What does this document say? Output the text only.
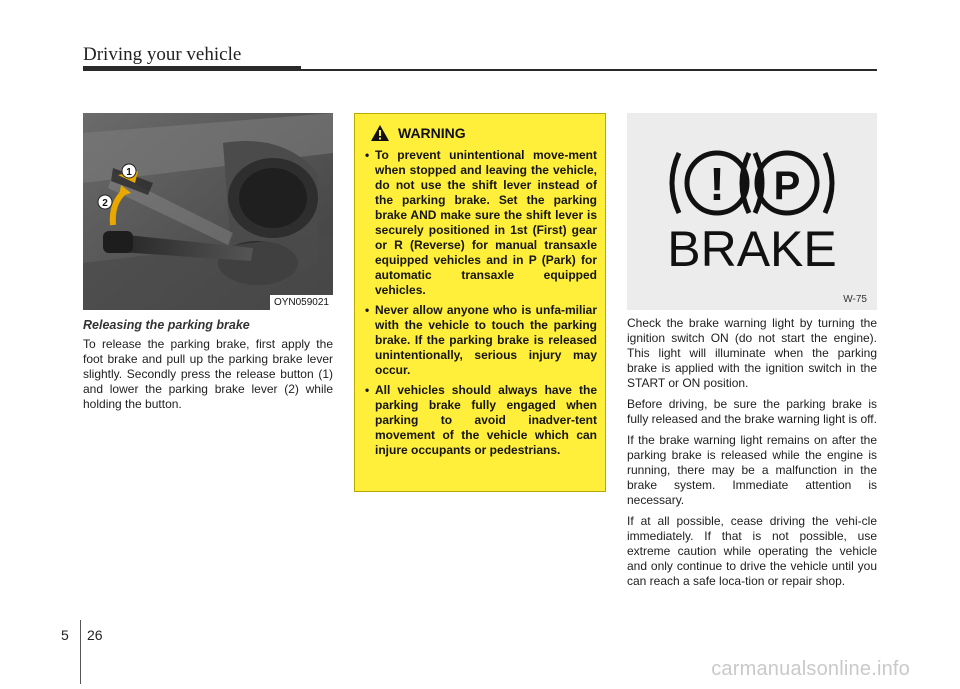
Driving your vehicle
1
2
OYN059021

Releasing the parking brake

To release the parking brake, first apply the foot brake and pull up the parking brake lever slightly. Secondly press the release button (1) and lower the parking brake lever (2) while holding the button.

WARNING
• To prevent unintentional move-ment when stopped and leaving the vehicle, do not use the shift lever instead of the parking brake. Set the parking brake AND make sure the shift lever is securely positioned in 1st (First) gear or R (Reverse) for manual transaxle equipped vehicles and in P (Park) for automatic transaxle equipped vehicles.
• Never allow anyone who is unfa-miliar with the vehicle to touch the parking brake. If the parking brake is released unintentionally, serious injury may occur.
• All vehicles should always have the parking brake fully engaged when parking to avoid inadver-tent movement of the vehicle which can injure occupants or pedestrians.
! P
BRAKE
W-75

Check the brake warning light by turning the ignition switch ON (do not start the engine). This light will illuminate when the parking brake is applied with the ignition switch in the START or ON position.

Before driving, be sure the parking brake is fully released and the brake warning light is off.

If the brake warning light remains on after the parking brake is released while the engine is running, there may be a malfunction in the brake system. Immediate attention is necessary.

If at all possible, cease driving the vehi-cle immediately. If that is not possible, use extreme caution while operating the vehicle and only continue to drive the vehicle until you can reach a safe loca-tion or repair shop.

5 26
carmanualsonline.info
